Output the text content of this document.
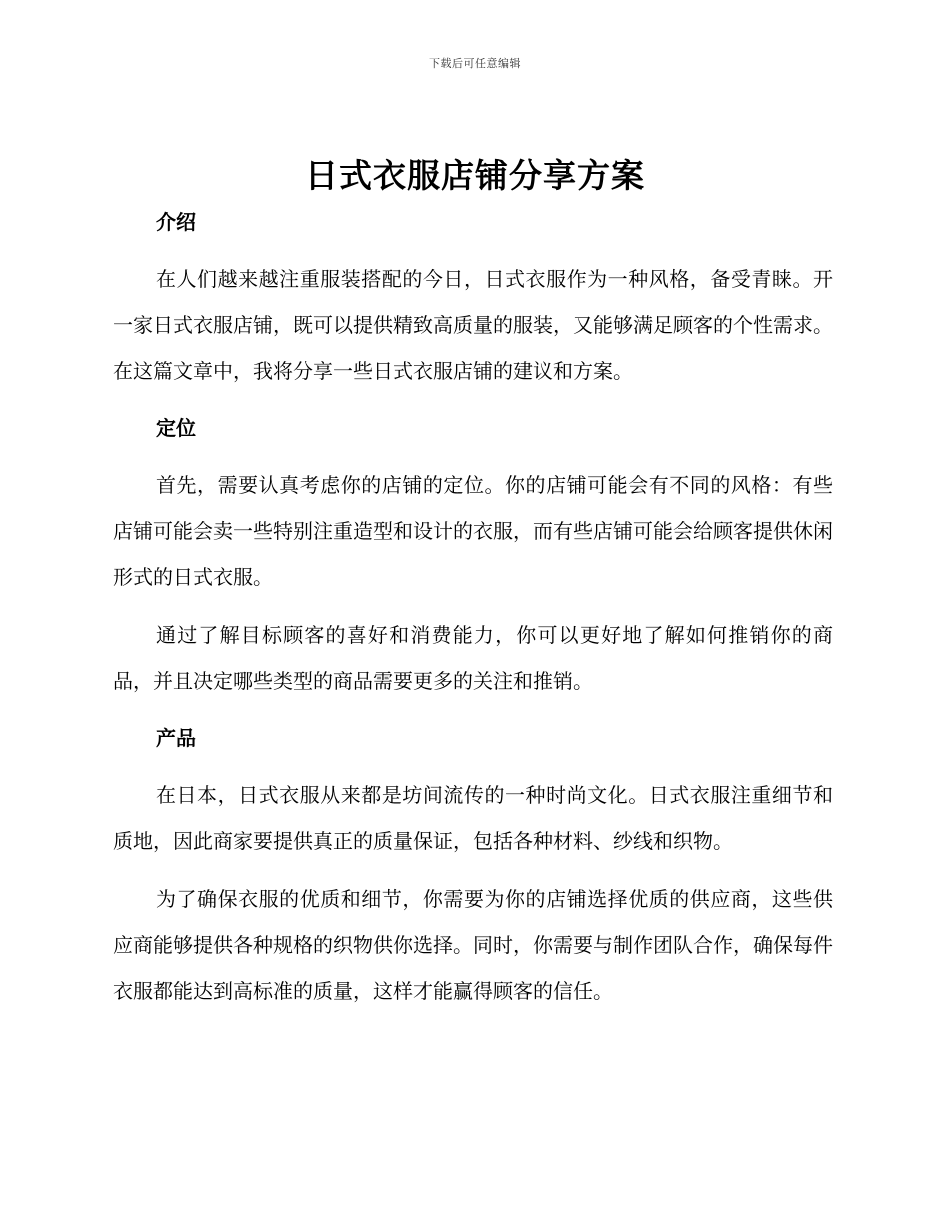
下载后可任意编辑
日式衣服店铺分享方案
介绍

在人们越来越注重服装搭配的今日，日式衣服作为一种风格，备受青睐。开一家日式衣服店铺，既可以提供精致高质量的服装，又能够满足顾客的个性需求。在这篇文章中，我将分享一些日式衣服店铺的建议和方案。

定位

首先，需要认真考虑你的店铺的定位。你的店铺可能会有不同的风格：有些店铺可能会卖一些特别注重造型和设计的衣服，而有些店铺可能会给顾客提供休闲形式的日式衣服。

通过了解目标顾客的喜好和消费能力，你可以更好地了解如何推销你的商品，并且决定哪些类型的商品需要更多的关注和推销。

产品

在日本，日式衣服从来都是坊间流传的一种时尚文化。日式衣服注重细节和质地，因此商家要提供真正的质量保证，包括各种材料、纱线和织物。

为了确保衣服的优质和细节，你需要为你的店铺选择优质的供应商，这些供应商能够提供各种规格的织物供你选择。同时，你需要与制作团队合作，确保每件衣服都能达到高标准的质量，这样才能赢得顾客的信任。
